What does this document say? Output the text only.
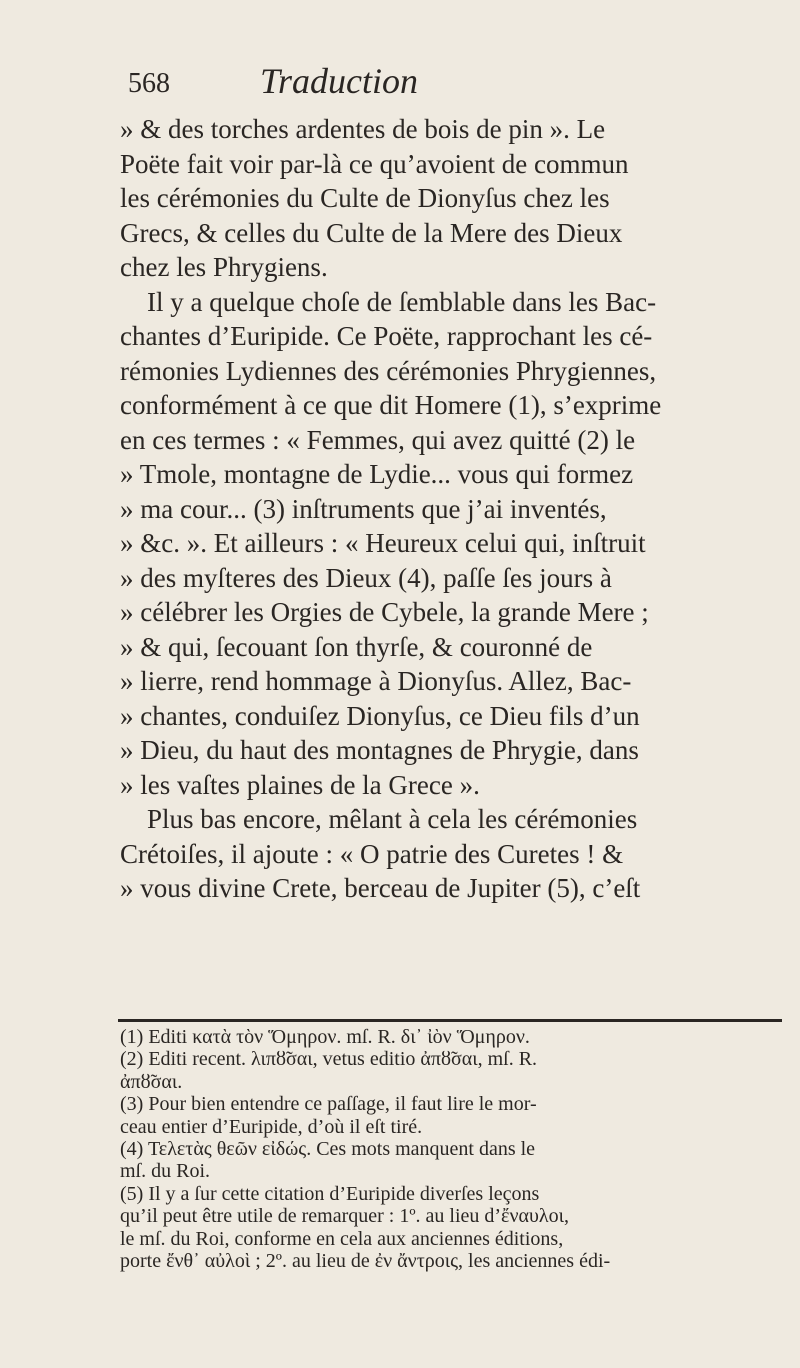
568	Traduction
» & des torches ardentes de bois de pin ». Le
Poëte fait voir par-là ce qu’avoient de commun
les cérémonies du Culte de Dionyſus chez les
Grecs, & celles du Culte de la Mere des Dieux
chez les Phrygiens.
Il y a quelque choſe de ſemblable dans les Bac-
chantes d’Euripide. Ce Poëte, rapprochant les cé-
rémonies Lydiennes des cérémonies Phrygiennes,
conformément à ce que dit Homere (1), s’exprime
en ces termes : « Femmes, qui avez quitté (2) le
» Tmole, montagne de Lydie... vous qui formez
» ma cour... (3) inſtruments que j’ai inventés,
» &c. ». Et ailleurs : « Heureux celui qui, inſtruit
» des myſteres des Dieux (4), paſſe ſes jours à
» célébrer les Orgies de Cybele, la grande Mere ;
» & qui, ſecouant ſon thyrſe, & couronné de
» lierre, rend hommage à Dionyſus. Allez, Bac-
» chantes, conduiſez Dionyſus, ce Dieu fils d’un
» Dieu, du haut des montagnes de Phrygie, dans
» les vaſtes plaines de la Grece ».
Plus bas encore, mêlant à cela les cérémonies
Crétoiſes, il ajoute : « O patrie des Curetes ! &
» vous divine Crete, berceau de Jupiter (5), c’eſt
(1) Editi κατὰ τὸν Ὅμηρον. mſ. R. δι᾽ ἰὸν Ὅμηρον.
(2) Editi recent. λιπȣ̃σαι, vetus editio ἀπȣ̃σαι, mſ. R.
ἀπȣ̃σαι.
(3) Pour bien entendre ce paſſage, il faut lire le mor-
ceau entier d’Euripide, d’où il eſt tiré.
(4) Τελετὰς θεῶν εἰδώς. Ces mots manquent dans le
mſ. du Roi.
(5) Il y a ſur cette citation d’Euripide diverſes leçons
qu’il peut être utile de remarquer : 1º. au lieu d’ἔναυλοι,
le mſ. du Roi, conforme en cela aux anciennes éditions,
porte ἔνθ᾽ αὐλοὶ ; 2º. au lieu de ἐν ἄντροις, les anciennes édi-
